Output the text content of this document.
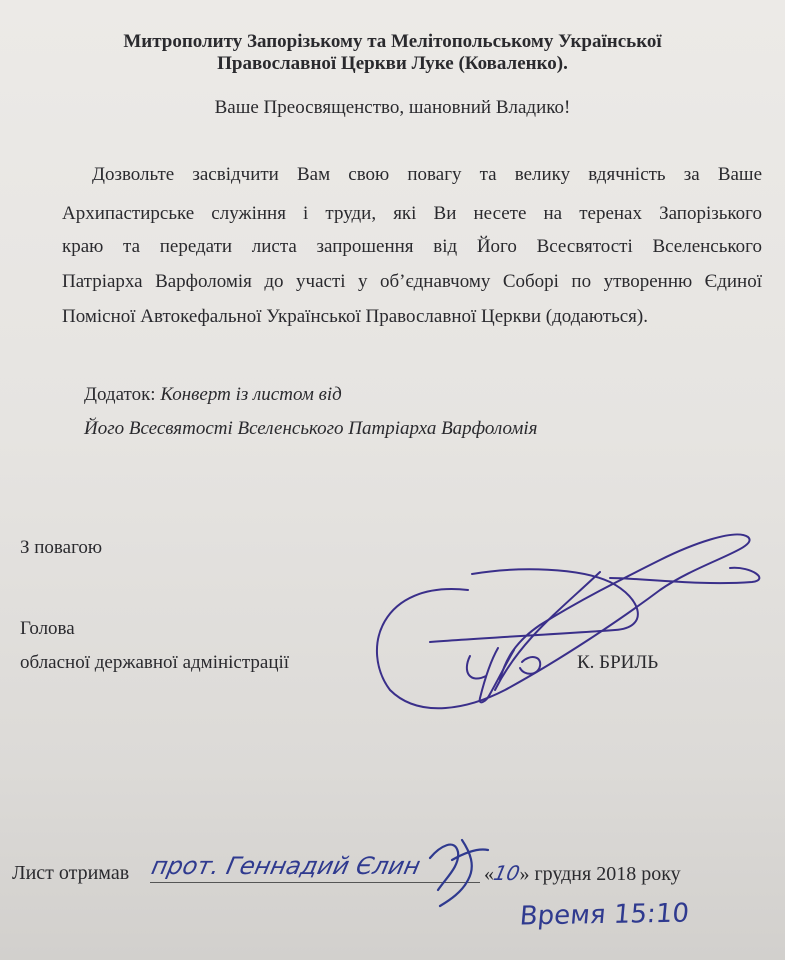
Митрополиту Запорізькому та Мелітопольському Української
Православної Церкви Луке (Коваленко).
Ваше Преосвященство, шановний Владико!
Дозвольте засвідчити Вам свою повагу та велику вдячність за Ваше
Архипастирське служіння і труди, які Ви несете на теренах Запорізького
краю та передати листа запрошення від Його Всесвятості Вселенського
Патріарха Варфоломія до участі у об’єднавчому Соборі по утворенню Єдиної
Помісної Автокефальної Української Православної Церкви (додаються).
Додаток: Конверт із листом від
Його Всесвятості Вселенського Патріарха Варфоломія
З повагою
Голова
обласної державної адміністрації	К. БРИЛЬ
Лист отримав прот. Геннадий Єлин	«10» грудня 2018 року
Время 15:10
